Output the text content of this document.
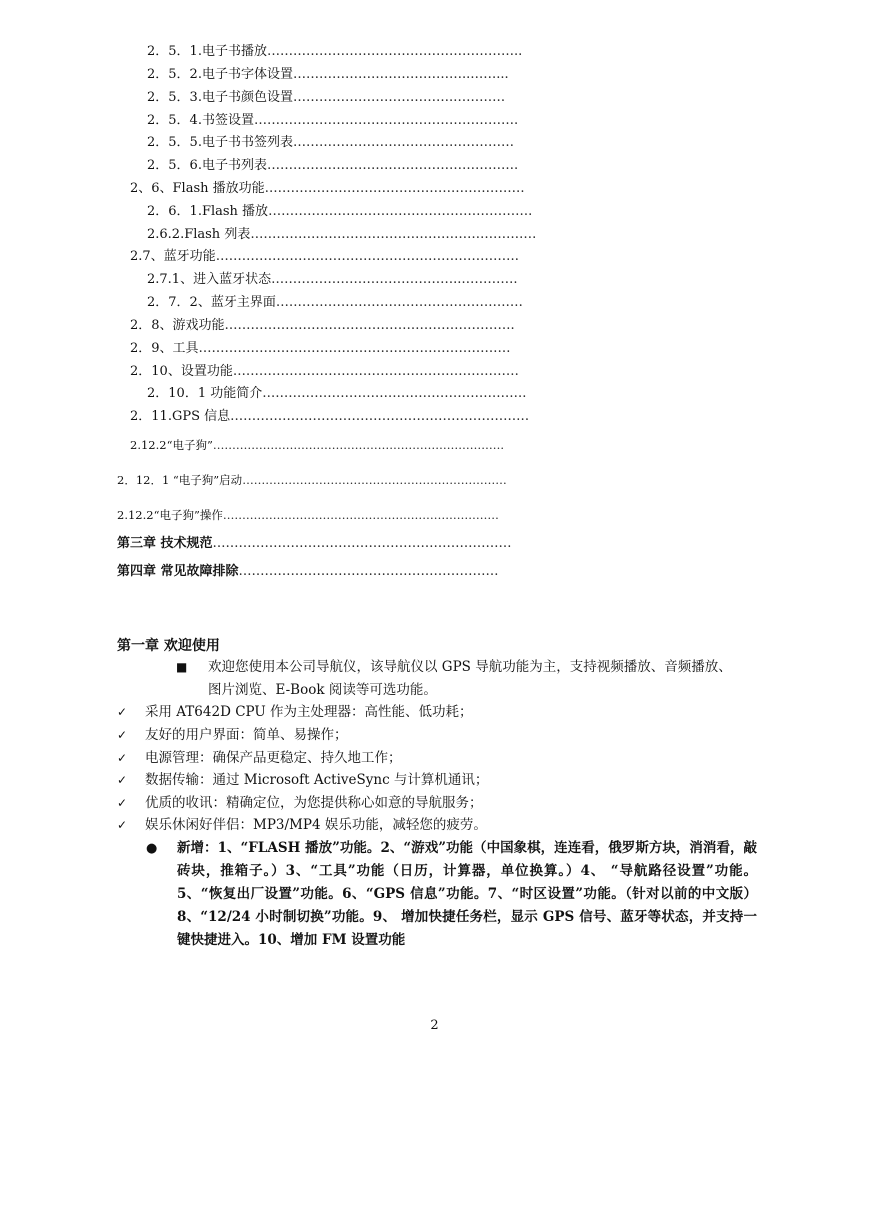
2．5．1.电子书播放…………………………………………………..
2．5．2.电子书字体设置…………………………………..……...
2．5．3.电子书颜色设置……………………………….…………
2．5．4.书签设置…………………………………………………….
2．5．5.电子书书签列表……………………………………………
2．5．6.电子书列表………………………………………………….
2、6、Flash 播放功能……………………………………………………
2．6．1.Flash 播放…………………………………………………….
2.6.2.Flash 列表…………………………………………………………
2.7、蓝牙功能…………………………………………………………….
2.7.1、进入蓝牙状态……………………………………..………….
2．7．2、蓝牙主界面…………………………………………………
2．8、游戏功能………………………………………………………….
2．9、工具………………………………………………………………
2．10、设置功能…………………………………………………………
2．10．1 功能简介…………………………………………………….
2．11.GPS 信息……………………………………………………………
2.12.2“电子狗”………………………………………………………………….
2．12．1 “电子狗”启动……………………………………………………………
2.12.2“电子狗”操作………………………………………………………………
第三章 技术规范……………………………………………………………
第四章 常见故障排除……………………………………………………
第一章 欢迎使用
■ 欢迎您使用本公司导航仪，该导航仪以 GPS 导航功能为主，支持视频播放、音频播放、
图片浏览、E-Book 阅读等可选功能。
✓ 采用 AT642D CPU 作为主处理器：高性能、低功耗；
✓ 友好的用户界面：简单、易操作；
✓ 电源管理：确保产品更稳定、持久地工作；
✓ 数据传输：通过 Microsoft ActiveSync 与计算机通讯；
✓ 优质的收讯：精确定位，为您提供称心如意的导航服务；
✓ 娱乐休闲好伴侣：MP3/MP4 娱乐功能，减轻您的疲劳。
● 新增：1、“FLASH 播放”功能。2、“游戏”功能（中国象棋，连连看，俄罗斯方块，消消看，敲砖块，推箱子。）3、“工具”功能（日历，计算器，单位换算。）4、 “导航路径设置”功能。5、“恢复出厂设置”功能。6、“GPS 信息”功能。7、“时区设置”功能。（针对以前的中文版）8、“12/24 小时制切换”功能。9、 增加快捷任务栏，显示 GPS 信号、蓝牙等状态，并支持一键快捷进入。10、增加 FM 设置功能
2
